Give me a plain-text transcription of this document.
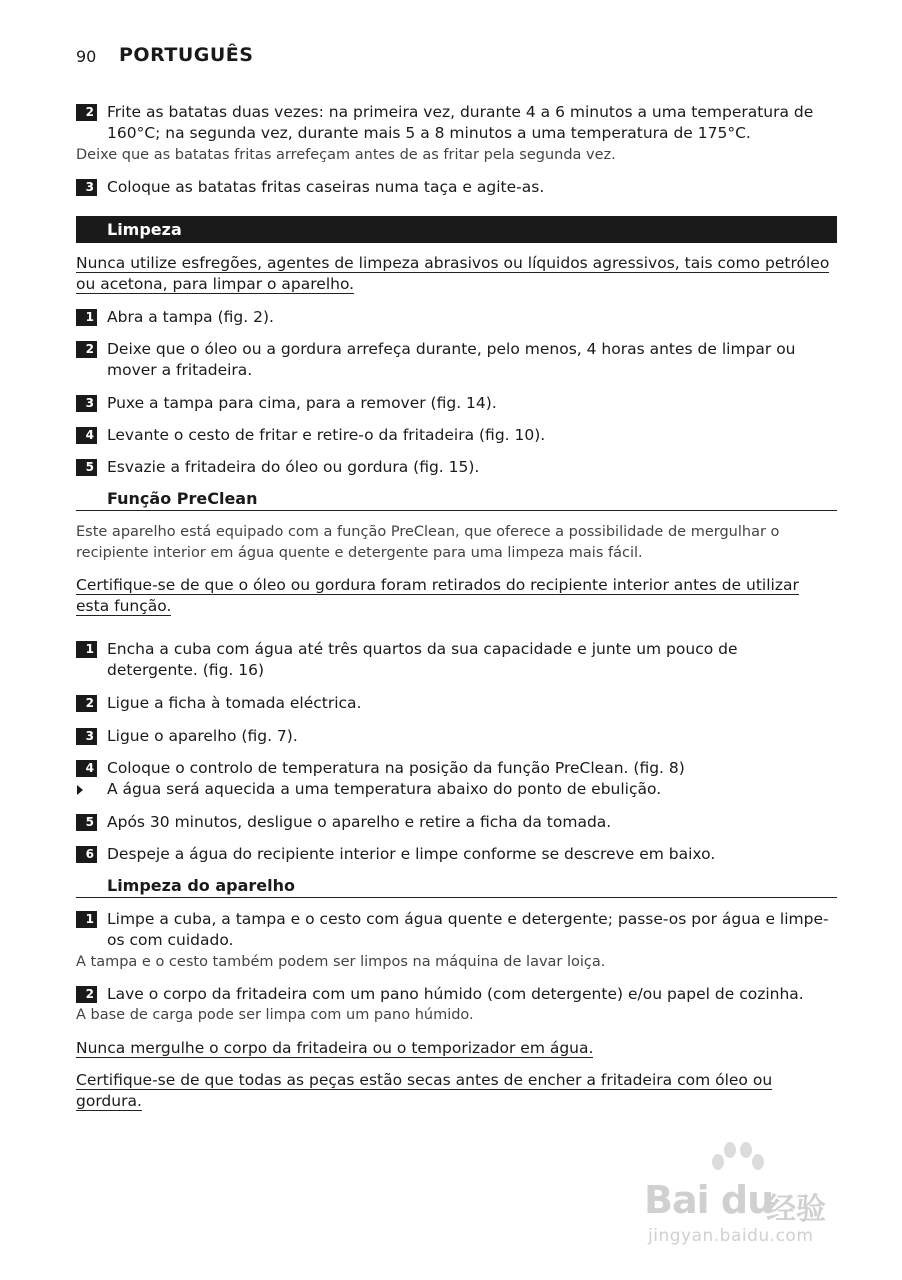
90 PORTUGUÊS
2 Frite as batatas duas vezes: na primeira vez, durante 4 a 6 minutos a uma temperatura de 160°C; na segunda vez, durante mais 5 a 8 minutos a uma temperatura de 175°C.
Deixe que as batatas fritas arrefeçam antes de as fritar pela segunda vez.
3 Coloque as batatas fritas caseiras numa taça e agite-as.
Limpeza
Nunca utilize esfregões, agentes de limpeza abrasivos ou líquidos agressivos, tais como petróleo
ou acetona, para limpar o aparelho.
1 Abra a tampa (fig. 2).
2 Deixe que o óleo ou a gordura arrefeça durante, pelo menos, 4 horas antes de limpar ou mover a fritadeira.
3 Puxe a tampa para cima, para a remover (fig. 14).
4 Levante o cesto de fritar e retire-o da fritadeira (fig. 10).
5 Esvazie a fritadeira do óleo ou gordura (fig. 15).
Função PreClean
Este aparelho está equipado com a função PreClean, que oferece a possibilidade de mergulhar o recipiente interior em água quente e detergente para uma limpeza mais fácil.
Certifique-se de que o óleo ou gordura foram retirados do recipiente interior antes de utilizar
esta função.
1 Encha a cuba com água até três quartos da sua capacidade e junte um pouco de detergente. (fig. 16)
2 Ligue a ficha à tomada eléctrica.
3 Ligue o aparelho (fig. 7).
4 Coloque o controlo de temperatura na posição da função PreClean. (fig. 8)
A água será aquecida a uma temperatura abaixo do ponto de ebulição.
5 Após 30 minutos, desligue o aparelho e retire a ficha da tomada.
6 Despeje a água do recipiente interior e limpe conforme se descreve em baixo.
Limpeza do aparelho
1 Limpe a cuba, a tampa e o cesto com água quente e detergente; passe-os por água e limpe-os com cuidado.
A tampa e o cesto também podem ser limpos na máquina de lavar loiça.
2 Lave o corpo da fritadeira com um pano húmido (com detergente) e/ou papel de cozinha.
A base de carga pode ser limpa com um pano húmido.
Nunca mergulhe o corpo da fritadeira ou o temporizador em água.
Certifique-se de que todas as peças estão secas antes de encher a fritadeira com óleo ou
gordura.
Bai du
经验
jingyan.baidu.com
